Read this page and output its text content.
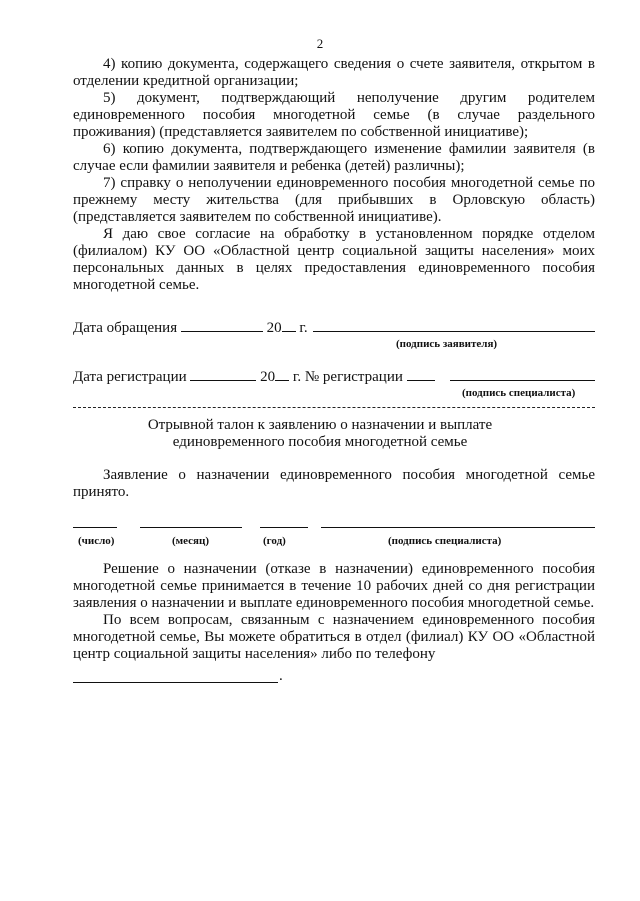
2

4) копию документа, содержащего сведения о счете заявителя, открытом в отделении кредитной организации;

5) документ, подтверждающий неполучение другим родителем единовременного пособия многодетной семье (в случае раздельного проживания) (представляется заявителем по собственной инициативе);

6) копию документа, подтверждающего изменение фамилии заявителя (в случае если фамилии заявителя и ребенка (детей) различны);

7) справку о неполучении единовременного пособия многодетной семье по прежнему месту жительства (для прибывших в Орловскую область) (представляется заявителем по собственной инициативе).

Я даю свое согласие на обработку в установленном порядке отделом (филиалом) КУ ОО «Областной центр социальной защиты населения» моих персональных данных в целях предоставления единовременного пособия многодетной семье.

Дата обращения	20 г.
(подпись заявителя)
Дата регистрации	20 г. № регистрации
(подпись специалиста)
Отрывной талон к заявлению о назначении и выплате
единовременного пособия многодетной семье

Заявление о назначении единовременного пособия многодетной семье принято.

(число)	(месяц)	(год)	(подпись специалиста)

Решение о назначении (отказе в назначении) единовременного пособия многодетной семье принимается в течение 10 рабочих дней со дня регистрации заявления о назначении и выплате единовременного пособия многодетной семье.

По всем вопросам, связанным с назначением единовременного пособия многодетной семье, Вы можете обратиться в отдел (филиал) КУ ОО «Областной центр социальной защиты населения» либо по телефону

.
